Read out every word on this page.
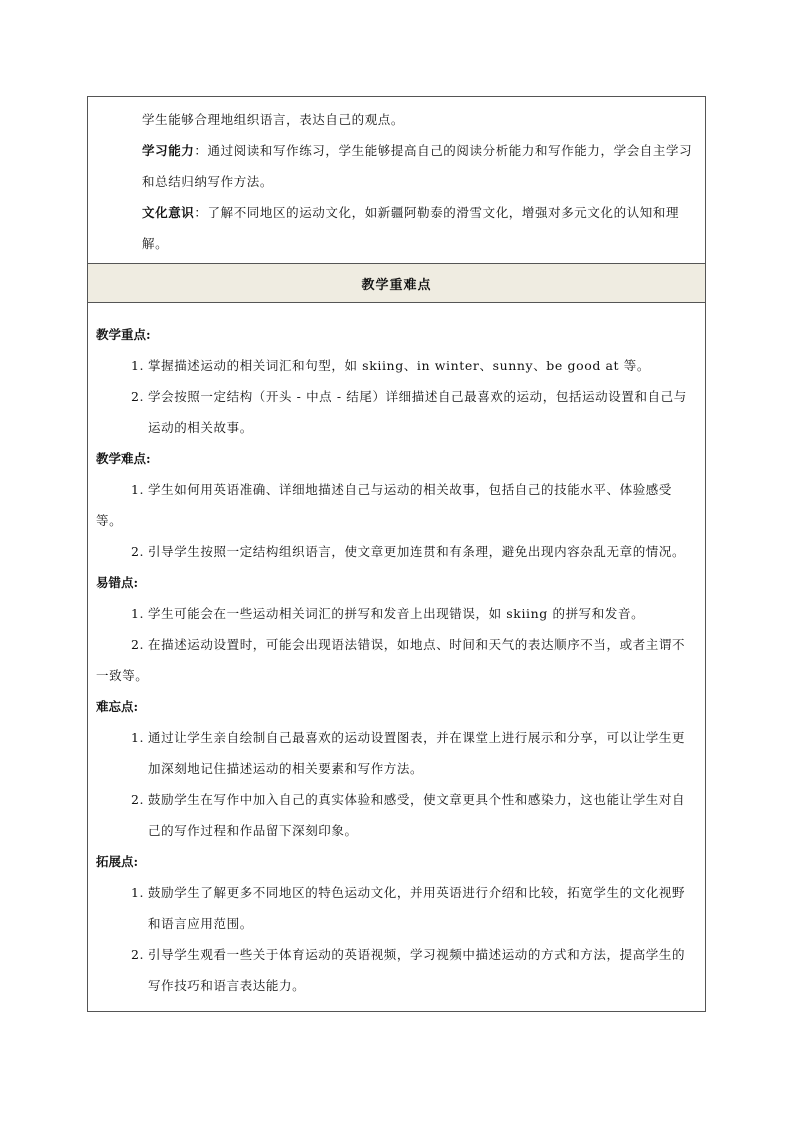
学生能够合理地组织语言，表达自己的观点。

学习能力：通过阅读和写作练习，学生能够提高自己的阅读分析能力和写作能力，学会自主学习和总结归纳写作方法。

文化意识：了解不同地区的运动文化，如新疆阿勒泰的滑雪文化，增强对多元文化的认知和理解。

教学重难点

教学重点:

1. 掌握描述运动的相关词汇和句型，如 skiing、in winter、sunny、be good at 等。

2. 学会按照一定结构（开头 - 中点 - 结尾）详细描述自己最喜欢的运动，包括运动设置和自己与运动的相关故事。

教学难点:

1. 学生如何用英语准确、详细地描述自己与运动的相关故事，包括自己的技能水平、体验感受等。

2. 引导学生按照一定结构组织语言，使文章更加连贯和有条理，避免出现内容杂乱无章的情况。

易错点:

1. 学生可能会在一些运动相关词汇的拼写和发音上出现错误，如 skiing 的拼写和发音。

2. 在描述运动设置时，可能会出现语法错误，如地点、时间和天气的表达顺序不当，或者主谓不一致等。

难忘点:

1. 通过让学生亲自绘制自己最喜欢的运动设置图表，并在课堂上进行展示和分享，可以让学生更加深刻地记住描述运动的相关要素和写作方法。

2. 鼓励学生在写作中加入自己的真实体验和感受，使文章更具个性和感染力，这也能让学生对自己的写作过程和作品留下深刻印象。

拓展点:

1. 鼓励学生了解更多不同地区的特色运动文化，并用英语进行介绍和比较，拓宽学生的文化视野和语言应用范围。

2. 引导学生观看一些关于体育运动的英语视频，学习视频中描述运动的方式和方法，提高学生的写作技巧和语言表达能力。
